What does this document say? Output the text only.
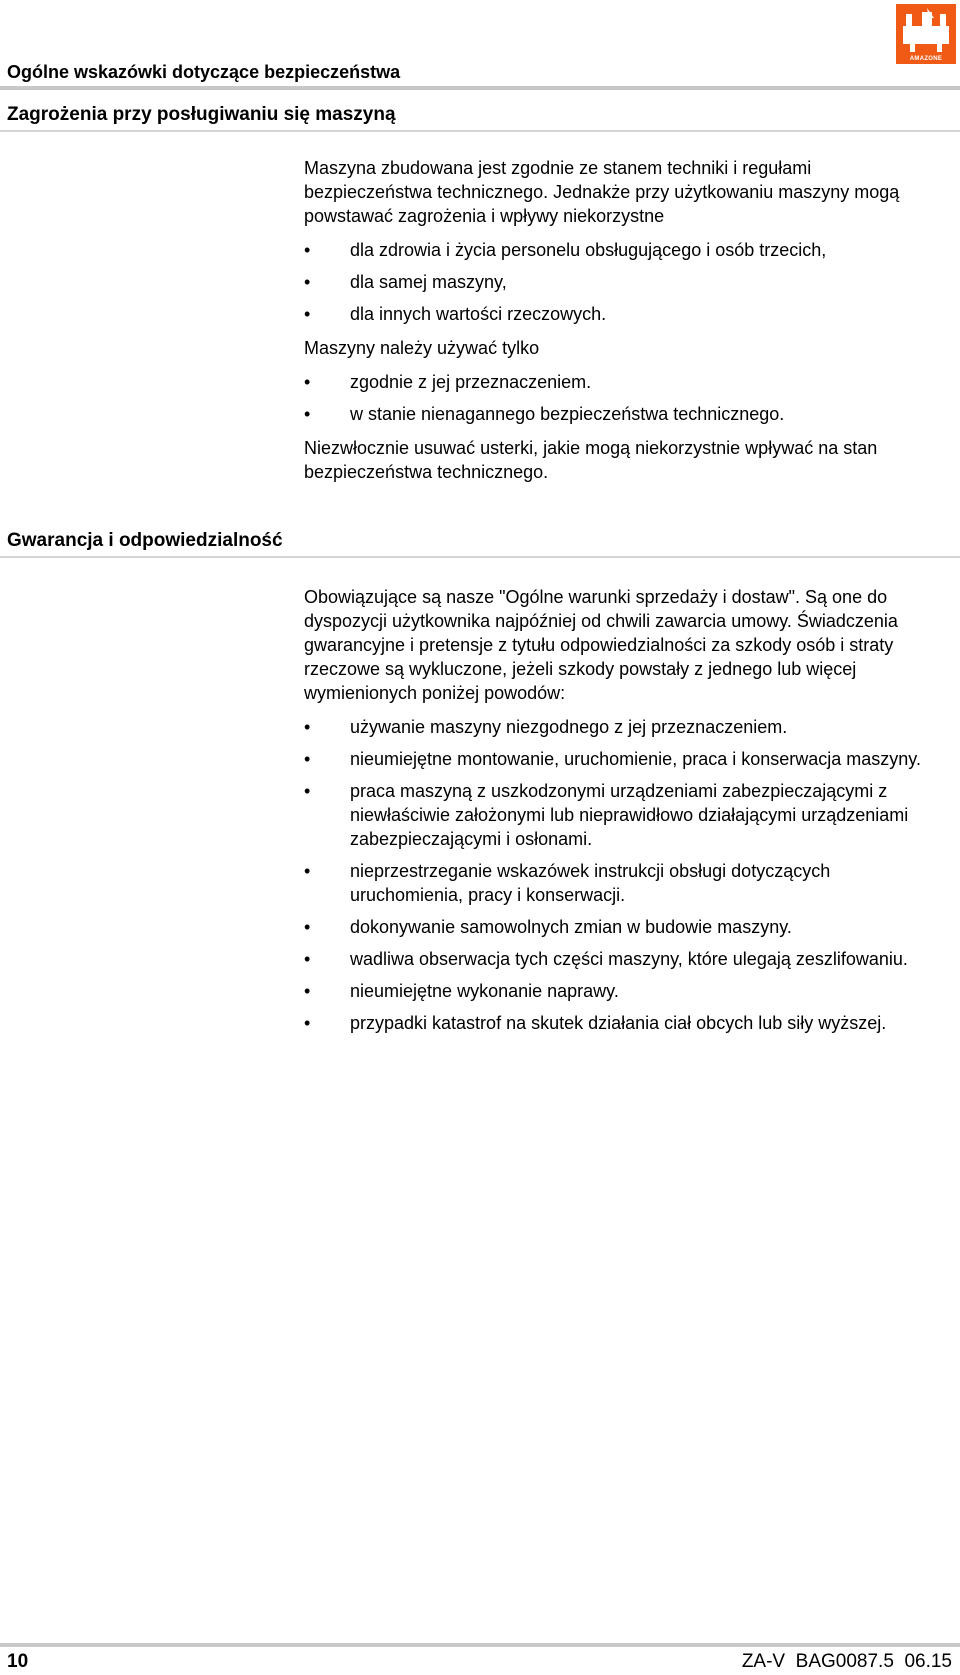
Ogólne wskazówki dotyczące bezpieczeństwa
AMAZONE
Zagrożenia przy posługiwaniu się maszyną

Maszyna zbudowana jest zgodnie ze stanem techniki i regułami bezpieczeństwa technicznego. Jednakże przy użytkowaniu maszyny mogą powstawać zagrożenia i wpływy niekorzystne

• dla zdrowia i życia personelu obsługującego i osób trzecich,
• dla samej maszyny,
• dla innych wartości rzeczowych.

Maszyny należy używać tylko

• zgodnie z jej przeznaczeniem.
• w stanie nienagannego bezpieczeństwa technicznego.

Niezwłocznie usuwać usterki, jakie mogą niekorzystnie wpływać na stan bezpieczeństwa technicznego.

Gwarancja i odpowiedzialność

Obowiązujące są nasze "Ogólne warunki sprzedaży i dostaw". Są one do dyspozycji użytkownika najpóźniej od chwili zawarcia umowy. Świadczenia gwarancyjne i pretensje z tytułu odpowiedzialności za szkody osób i straty rzeczowe są wykluczone, jeżeli szkody powstały z jednego lub więcej wymienionych poniżej powodów:

• używanie maszyny niezgodnego z jej przeznaczeniem.
• nieumiejętne montowanie, uruchomienie, praca i konserwacja maszyny.
• praca maszyną z uszkodzonymi urządzeniami zabezpieczającymi z niewłaściwie założonymi lub nieprawidłowo działającymi urządzeniami zabezpieczającymi i osłonami.
• nieprzestrzeganie wskazówek instrukcji obsługi dotyczących uruchomienia, pracy i konserwacji.
• dokonywanie samowolnych zmian w budowie maszyny.
• wadliwa obserwacja tych części maszyny, które ulegają zeszlifowaniu.
• nieumiejętne wykonanie naprawy.
• przypadki katastrof na skutek działania ciał obcych lub siły wyższej.
10	ZA-V  BAG0087.5  06.15
